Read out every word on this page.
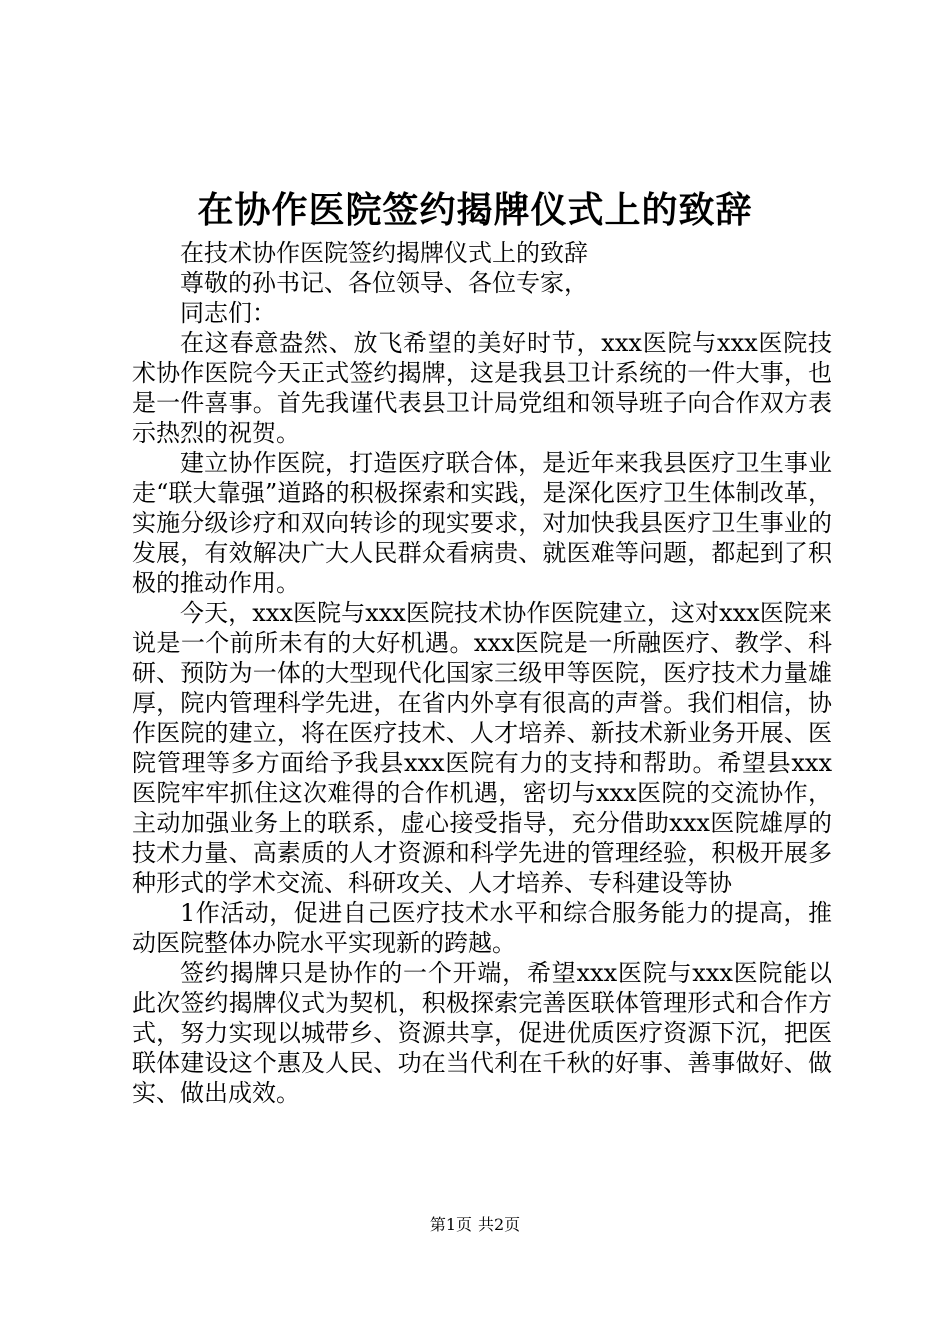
在协作医院签约揭牌仪式上的致辞

在技术协作医院签约揭牌仪式上的致辞

尊敬的孙书记、各位领导、各位专家，

同志们：

在这春意盎然、放飞希望的美好时节，xxx医院与xxx医院技术协作医院今天正式签约揭牌，这是我县卫计系统的一件大事，也是一件喜事。首先我谨代表县卫计局党组和领导班子向合作双方表示热烈的祝贺。

建立协作医院，打造医疗联合体，是近年来我县医疗卫生事业走“联大靠强”道路的积极探索和实践，是深化医疗卫生体制改革，实施分级诊疗和双向转诊的现实要求，对加快我县医疗卫生事业的发展，有效解决广大人民群众看病贵、就医难等问题，都起到了积极的推动作用。

今天，xxx医院与xxx医院技术协作医院建立，这对xxx医院来说是一个前所未有的大好机遇。xxx医院是一所融医疗、教学、科研、预防为一体的大型现代化国家三级甲等医院，医疗技术力量雄厚，院内管理科学先进，在省内外享有很高的声誉。我们相信，协作医院的建立，将在医疗技术、人才培养、新技术新业务开展、医院管理等多方面给予我县xxx医院有力的支持和帮助。希望县xxx医院牢牢抓住这次难得的合作机遇，密切与xxx医院的交流协作，主动加强业务上的联系，虚心接受指导，充分借助xxx医院雄厚的技术力量、高素质的人才资源和科学先进的管理经验，积极开展多种形式的学术交流、科研攻关、人才培养、专科建设等协

1作活动，促进自己医疗技术水平和综合服务能力的提高，推动医院整体办院水平实现新的跨越。

签约揭牌只是协作的一个开端，希望xxx医院与xxx医院能以此次签约揭牌仪式为契机，积极探索完善医联体管理形式和合作方式，努力实现以城带乡、资源共享，促进优质医疗资源下沉，把医联体建设这个惠及人民、功在当代利在千秋的好事、善事做好、做实、做出成效。

第1页 共2页
